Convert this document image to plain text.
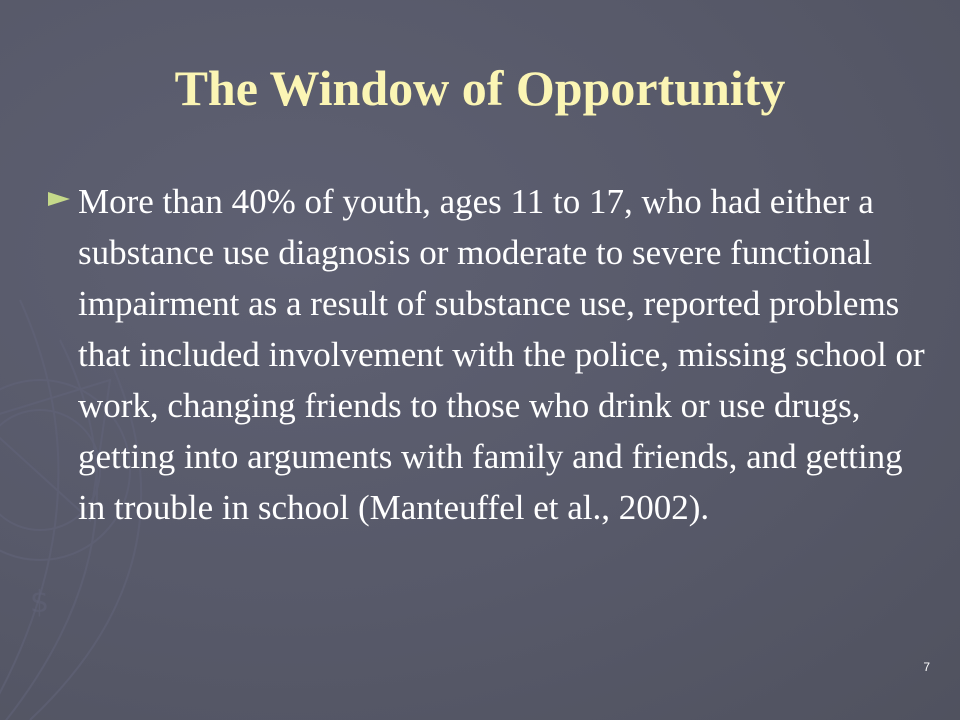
$
The Window of Opportunity

More than 40% of youth, ages 11 to 17, who had either a substance use diagnosis or moderate to severe functional impairment as a result of substance use, reported problems that included involvement with the police, missing school or work, changing friends to those who drink or use drugs, getting into arguments with family and friends, and getting in trouble in school (Manteuffel et al., 2002).

7
